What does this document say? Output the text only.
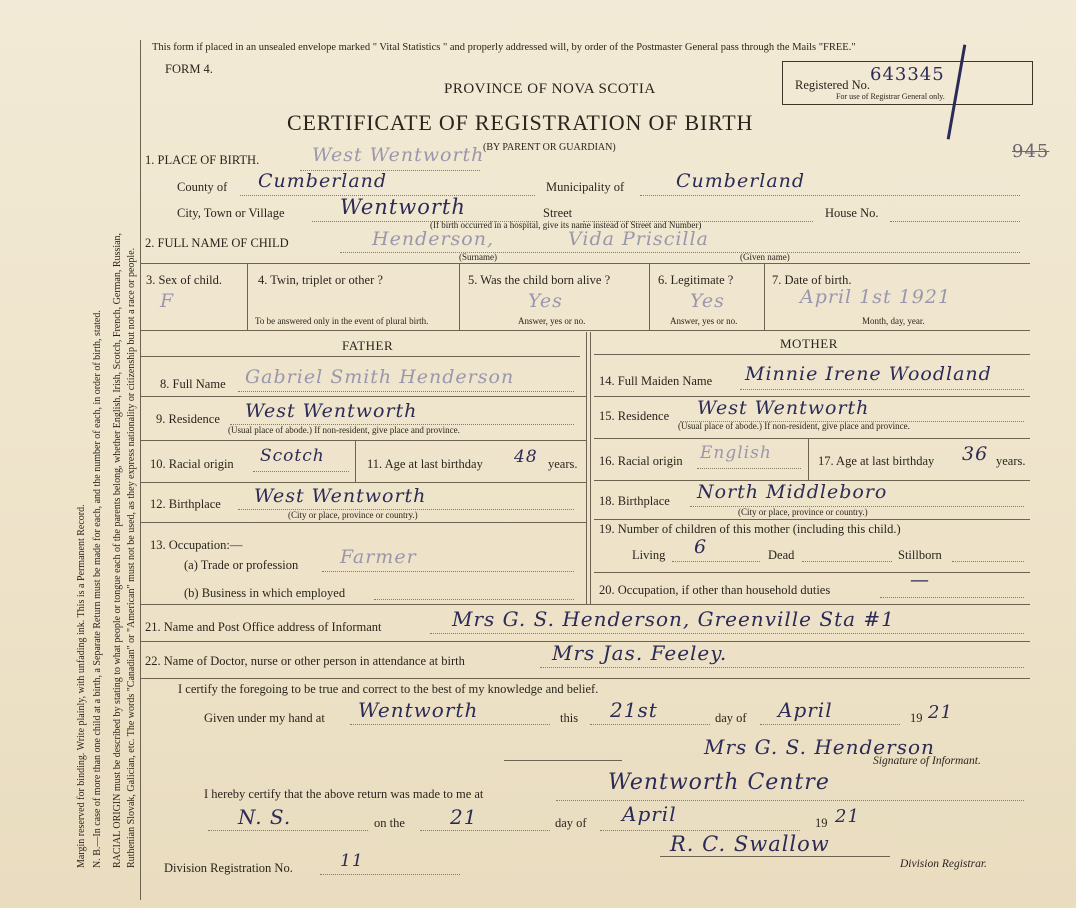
Margin reserved for binding. Write plainly, with unfading ink. This is a Permanent Record. N. B.—In case of more than one child at a birth, a Separate Return must be made for each, and the number of each, in order of birth, stated. RACIAL ORIGIN must be described by stating to what people or tongue each of the parents belong, whether English, Irish, Scotch, French, German, Russian, Ruthenian Slovak, Galician, etc. The words "Canadian" or "American" must not be used, as they express nationality or citizenship but not a race or people.
This form if placed in an unsealed envelope marked " Vital Statistics " and properly addressed will, by order of the Postmaster General pass through the Mails "FREE."
FORM 4.
PROVINCE OF NOVA SCOTIA
CERTIFICATE OF REGISTRATION OF BIRTH
(BY PARENT OR GUARDIAN)
Registered No. 643345
For use of Registrar General only.
945
1. PLACE OF BIRTH.	West Wentworth
County of Cumberland	Municipality of	Cumberland
City, Town or Village	Wentworth	Street	House No.
(If birth occurred in a hospital, give its name instead of Street and Number)
2. FULL NAME OF CHILD	Henderson,	Vida Priscilla
(Surname)	(Given name)
3. Sex of child.
F
4. Twin, triplet or other ?
To be answered only in the event of plural birth.
5. Was the child born alive ?
Yes
Answer, yes or no.
6. Legitimate ?
Yes
Answer, yes or no.
7. Date of birth.
April 1st 1921
Month, day, year.
FATHER	MOTHER
8. Full Name Gabriel Smith Henderson
9. Residence West Wentworth
(Usual place of abode.) If non-resident, give place and province.
10. Racial origin Scotch	11. Age at last birthday 48 years.
12. Birthplace West Wentworth
(City or place, province or country.)
13. Occupation:—
(a) Trade or profession Farmer
(b) Business in which employed
14. Full Maiden Name Minnie Irene Woodland
15. Residence West Wentworth
(Usual place of abode.) If non-resident, give place and province.
16. Racial origin English	17. Age at last birthday 36 years.
18. Birthplace North Middleboro
(City or place, province or country.)
19. Number of children of this mother (including this child.)
Living 6	Dead	Stillborn
20. Occupation, if other than household duties	—
21. Name and Post Office address of Informant	Mrs G. S. Henderson, Greenville Sta #1
22. Name of Doctor, nurse or other person in attendance at birth	Mrs Jas. Feeley.
I certify the foregoing to be true and correct to the best of my knowledge and belief.
Given under my hand at Wentworth	this 21st	day of April	19 21
Mrs G. S. Henderson
Signature of Informant.
I hereby certify that the above return was made to me at	Wentworth Centre
N. S.	on the 21	day of April	19 21
R. C. Swallow
Division Registration No.	11	Division Registrar.
